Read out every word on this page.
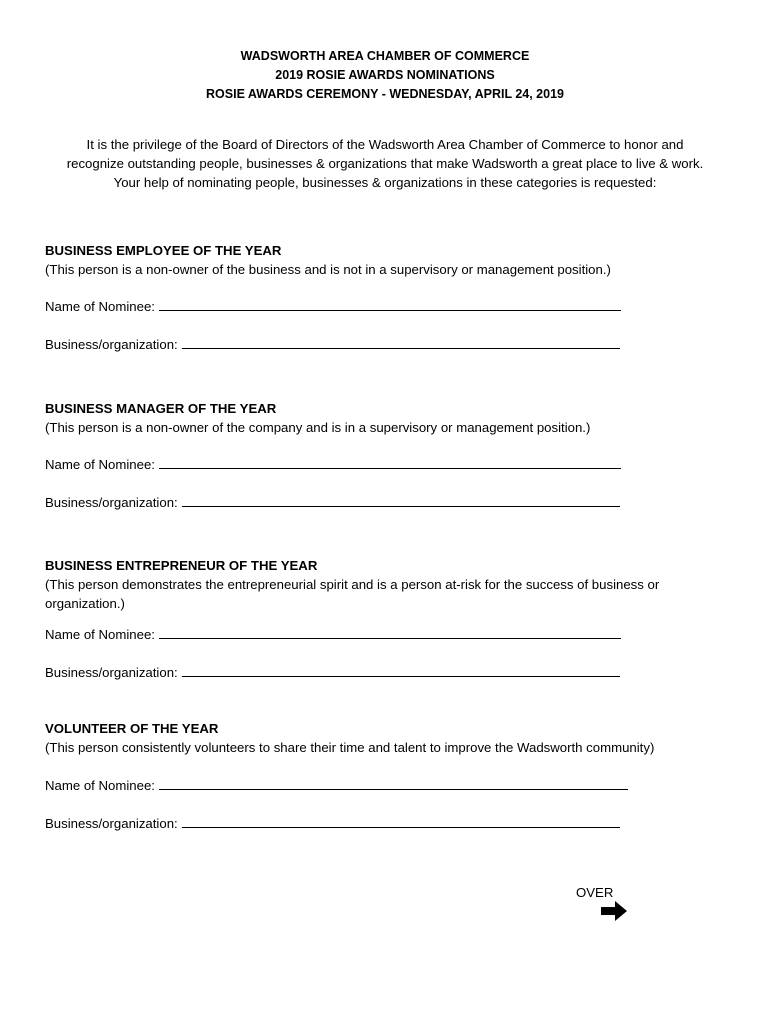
WADSWORTH AREA CHAMBER OF COMMERCE
2019 ROSIE AWARDS NOMINATIONS
ROSIE AWARDS CEREMONY - WEDNESDAY, APRIL 24, 2019
It is the privilege of the Board of Directors of the Wadsworth Area Chamber of Commerce to honor and
recognize outstanding people, businesses & organizations that make Wadsworth a great place to live & work.
Your help of nominating people, businesses & organizations in these categories is requested:
BUSINESS EMPLOYEE OF THE YEAR
(This person is a non-owner of the business and is not in a supervisory or management position.)
Name of Nominee:
Business/organization:
BUSINESS MANAGER OF THE YEAR
(This person is a non-owner of the company and is in a supervisory or management position.)
Name of Nominee:
Business/organization:
BUSINESS ENTREPRENEUR OF THE YEAR
(This person demonstrates the entrepreneurial spirit and is a person at-risk for the success of business or organization.)
Name of Nominee:
Business/organization:
VOLUNTEER OF THE YEAR
(This person consistently volunteers to share their time and talent to improve the Wadsworth community)
Name of Nominee:
Business/organization:
OVER
